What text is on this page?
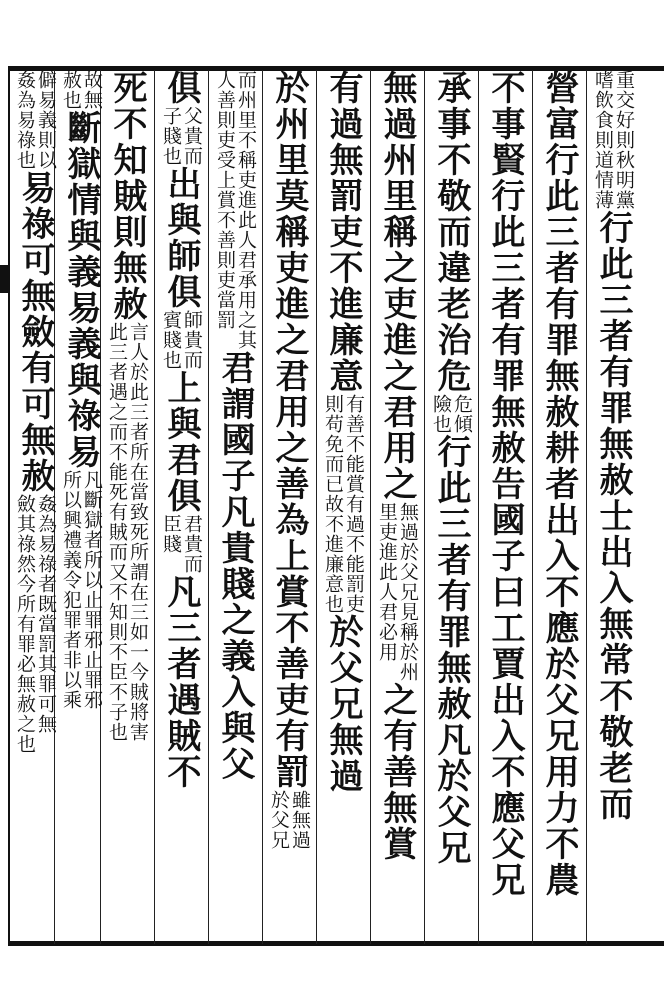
重交好則秋明黨
嗜飲食則道情薄
行此三者有罪無赦士出入無常不敬老而
營富行此三者有罪無赦耕者出入不應於父兄用力不農
不事賢行此三者有罪無赦告國子曰工賈出入不應父兄
承事不敬而違老治危
危傾
險也
行此三者有罪無赦凡於父兄
無過州里稱之吏進之君用之
無過於父兄見稱於州
里吏進此人君必用
之有善無賞
有過無罰吏不進廉意
有善不能賞有過不能罰吏
則苟免而已故不進廉意也
於父兄無過
於州里莫稱吏進之君用之善為上賞不善吏有罰
雖無過
於父兄
而州里不稱吏進此人君承用之其
人善則吏受上賞不善則吏當罰
君謂國子凡貴賤之義入與父
俱
父貴而
子賤也
出與師俱
師貴而
賓賤也
上與君俱
君貴而
臣賤
凡三者遇賊不
死不知賊則無赦
言人於此三者所在當致死所謂在三如一今賊將害
此三者遇之而不能死有賊而又不知則不臣不子也
故無
赦也
斷獄情與義易義與祿易
凡斷獄者所以止罪邪止罪邪
所以興禮義令犯罪者非以乘
僻易義則以
姦為易祿也
易祿可無斂有可無赦
姦為易祿者既當罰其罪可無
斂其祿然今所有罪必無赦之也
